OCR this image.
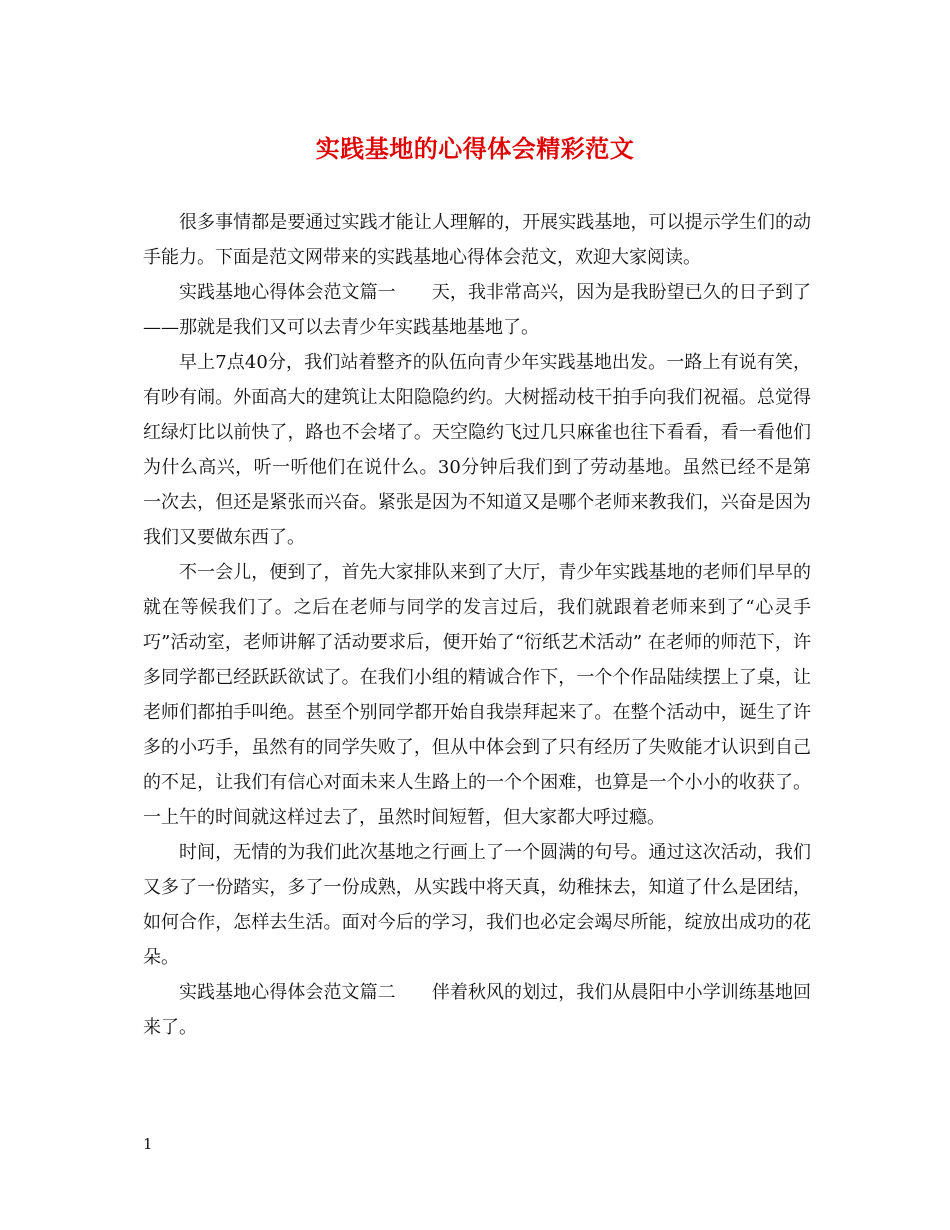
实践基地的心得体会精彩范文

很多事情都是要通过实践才能让人理解的，开展实践基地，可以提示学生们的动手能力。下面是范文网带来的实践基地心得体会范文，欢迎大家阅读。

实践基地心得体会范文篇一　　天，我非常高兴，因为是我盼望已久的日子到了——那就是我们又可以去青少年实践基地基地了。

早上7点40分，我们站着整齐的队伍向青少年实践基地出发。一路上有说有笑，有吵有闹。外面高大的建筑让太阳隐隐约约。大树摇动枝干拍手向我们祝福。总觉得红绿灯比以前快了，路也不会堵了。天空隐约飞过几只麻雀也往下看看，看一看他们为什么高兴，听一听他们在说什么。30分钟后我们到了劳动基地。虽然已经不是第一次去，但还是紧张而兴奋。紧张是因为不知道又是哪个老师来教我们，兴奋是因为我们又要做东西了。

不一会儿，便到了，首先大家排队来到了大厅，青少年实践基地的老师们早早的就在等候我们了。之后在老师与同学的发言过后，我们就跟着老师来到了“心灵手巧”活动室，老师讲解了活动要求后，便开始了“衍纸艺术活动” 在老师的师范下，许多同学都已经跃跃欲试了。在我们小组的精诚合作下，一个个作品陆续摆上了桌，让老师们都拍手叫绝。甚至个别同学都开始自我崇拜起来了。在整个活动中，诞生了许多的小巧手，虽然有的同学失败了，但从中体会到了只有经历了失败能才认识到自己的不足，让我们有信心对面未来人生路上的一个个困难，也算是一个小小的收获了。一上午的时间就这样过去了，虽然时间短暂，但大家都大呼过瘾。

时间，无情的为我们此次基地之行画上了一个圆满的句号。通过这次活动，我们又多了一份踏实，多了一份成熟，从实践中将天真，幼稚抹去，知道了什么是团结，如何合作，怎样去生活。面对今后的学习，我们也必定会竭尽所能，绽放出成功的花朵。

实践基地心得体会范文篇二　　伴着秋风的划过，我们从晨阳中小学训练基地回来了。

1
